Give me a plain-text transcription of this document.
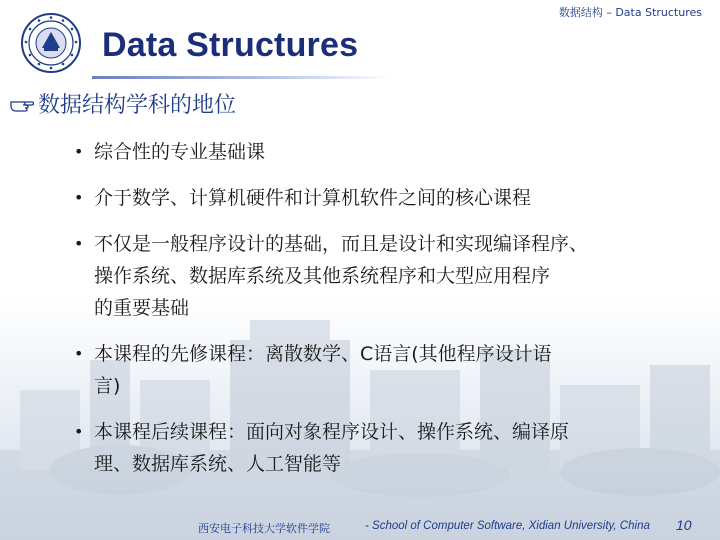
数据结构 – Data Structures
Data Structures
数据结构学科的地位
• 综合性的专业基础课
• 介于数学、计算机硬件和计算机软件之间的核心课程
• 不仅是一般程序设计的基础，而且是设计和实现编译程序、
操作系统、数据库系统及其他系统程序和大型应用程序
的重要基础
• 本课程的先修课程：离散数学、C语言(其他程序设计语
言)
• 本课程后续课程：面向对象程序设计、操作系统、编译原
理、数据库系统、人工智能等
西安电子科技大学软件学院	- School of Computer Software, Xidian University, China 10
